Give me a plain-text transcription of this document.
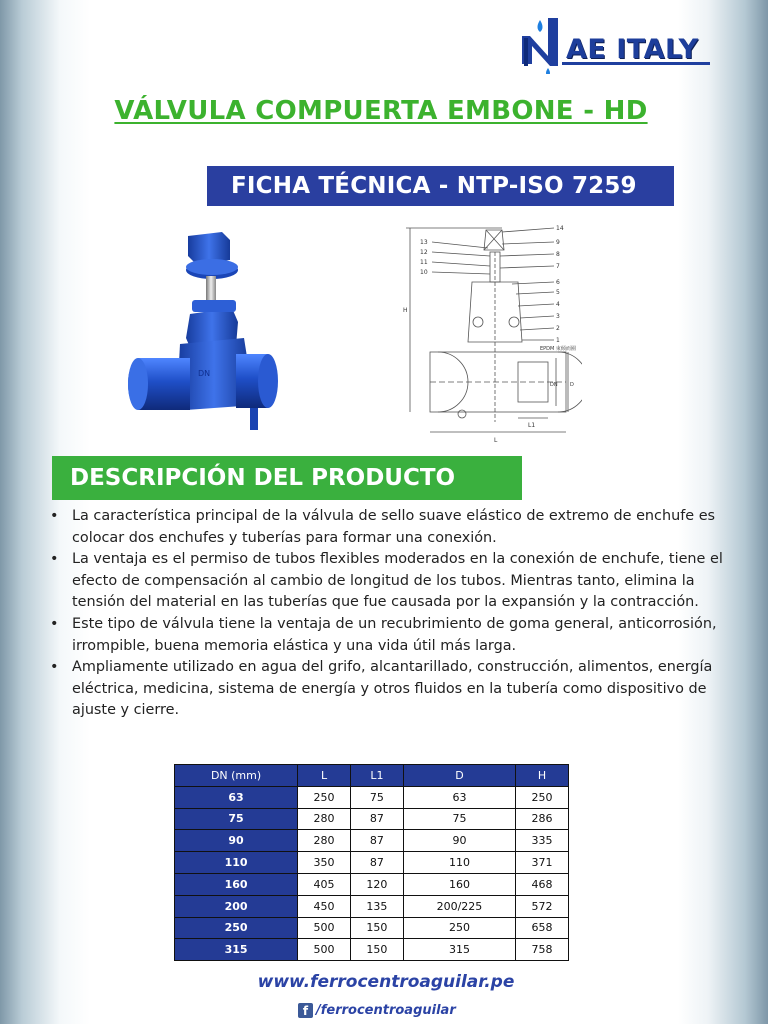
AE ITALY
VÁLVULA COMPUERTA EMBONE - HD
FICHA TÉCNICA - NTP-ISO 7259
DN
14
9
8
7
6
5
4
3
2
1
13
12
11
10
EPDM 束倾而圈
H
DN D
L
L1
DESCRIPCIÓN DEL PRODUCTO
• La característica principal de la válvula de sello suave elástico de extremo de enchufe es colocar dos enchufes y tuberías para formar una conexión.
• La ventaja es el permiso de tubos flexibles moderados en la conexión de enchufe, tiene el efecto de compensación al cambio de longitud de los tubos. Mientras tanto, elimina la tensión del material en las tuberías que fue causada por la expansión y la contracción.
• Este tipo de válvula tiene la ventaja de un recubrimiento de goma general, anticorrosión, irrompible, buena memoria elástica y una vida útil más larga.
• Ampliamente utilizado en agua del grifo, alcantarillado, construcción, alimentos, energía eléctrica, medicina, sistema de energía y otros fluidos en la tubería como dispositivo de ajuste y cierre.
DN (mm)	L	L1	D	H
63	250	75	63	250
75	280	87	75	286
90	280	87	90	335
110	350	87	110	371
160	405	120	160	468
200	450	135	200/225	572
250	500	150	250	658
315	500	150	315	758
www.ferrocentroaguilar.pe
f /ferrocentroaguilar
